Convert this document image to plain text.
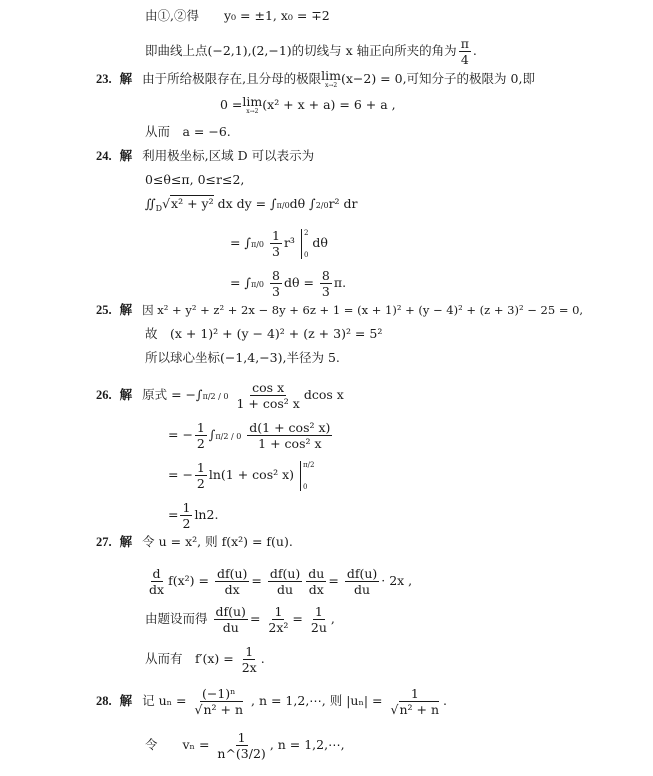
由①,②得　　y₀ = ±1, x₀ = ∓2
即曲线上点(−2,1),(2,−1)的切线与 x 轴正向所夹的角为 $\frac{\pi}{4}$ .
23. 解 由于所给极限存在,且分母的极限 lim
x→2 (x−2) = 0,可知分子的极限为 0,即
0 = lim
x→2 (x² + x + a) = 6 + a ,
从而　a = −6.
24. 解 利用极坐标,区域 D 可以表示为
0≤θ≤π, 0≤r≤2,
$∬_D√x^2 + y^2$ dx dy = ∫π/0dθ ∫2/0r² dr
= $\int\pi/0 \frac{1}{3} r^3$
2
0
dθ
= $\int\pi/0 \frac{8}{3}$ $d\theta = \frac{8}{3} \pi$.
25. 解 因 x² + y² + z² + 2x − 8y + 6z + 1 = (x + 1)² + (y − 4)² + (z + 3)² − 25 = 0,
故　(x + 1)² + (y − 4)² + (z + 3)² = 5²
所以球心坐标(−1,4,−3),半径为 5.
26. 解 原式 = $-\int\pi/2 / 0 \frac{\text{cos x}}{\text{1 + cos² x}}$ dcos x
= − $\frac{1}{2} \int\pi/2 / 0 \frac{\text{d(1 + cos² x)}}{\text{1 + cos² x}}$
= − $\frac{1}{2} \ln(1 + \cos^2$ x)
π/2
0
= $\frac{1}{2} \ln 2$.
27. 解 令 u = x², 则 f(x²) = f(u).
$\frac{d}{dx} f(x^2) = \frac{df(u)}{dx} = \frac{df(u)}{du} \frac{du}{dx} = \frac{df(u)}{du} \cdot 2x$ ,
由题设而得 $\frac{df(u)}{du} = \frac{1}{\text{2x²}} = \frac{1}{2u}$ ,
从而有　$f'(x) = \frac{1}{2x}$ .
28. 解 记 $u_n = \frac{\text{(−1)ⁿ}}{\text{√n² + n}}$ , n = 1,2,⋯, 则 $|u_n| = \frac{1}{\text{√n² + n}}$ .
令　　$v_n = \frac{1}{n\^{}(3/2)}$ , n = 1,2,⋯,
